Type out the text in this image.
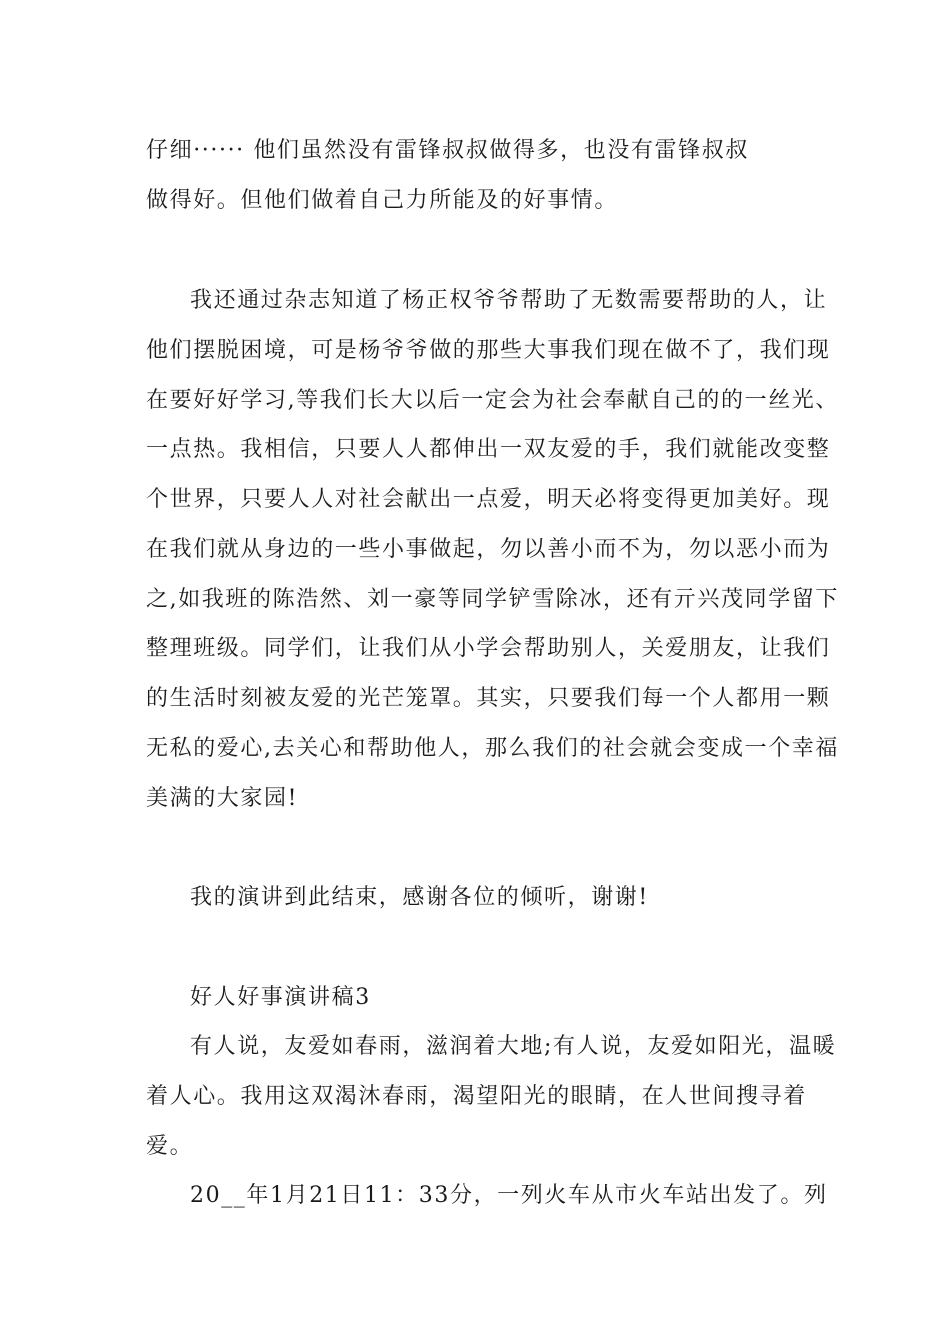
仔细······ 他们虽然没有雷锋叔叔做得多，也没有雷锋叔叔
做得好。但他们做着自己力所能及的好事情。
我还通过杂志知道了杨正权爷爷帮助了无数需要帮助的人，让
他们摆脱困境，可是杨爷爷做的那些大事我们现在做不了，我们现
在要好好学习,等我们长大以后一定会为社会奉献自己的的一丝光、
一点热。我相信，只要人人都伸出一双友爱的手，我们就能改变整
个世界，只要人人对社会献出一点爱，明天必将变得更加美好。现
在我们就从身边的一些小事做起，勿以善小而不为，勿以恶小而为
之,如我班的陈浩然、刘一豪等同学铲雪除冰，还有亓兴茂同学留下
整理班级。同学们，让我们从小学会帮助别人，关爱朋友，让我们
的生活时刻被友爱的光芒笼罩。其实，只要我们每一个人都用一颗
无私的爱心,去关心和帮助他人，那么我们的社会就会变成一个幸福
美满的大家园!
我的演讲到此结束，感谢各位的倾听，谢谢!
好人好事演讲稿3
有人说，友爱如春雨，滋润着大地;有人说，友爱如阳光，温暖
着人心。我用这双渴沐春雨，渴望阳光的眼睛，在人世间搜寻着
爱。
20__年1月21日11：33分，一列火车从市火车站出发了。列
